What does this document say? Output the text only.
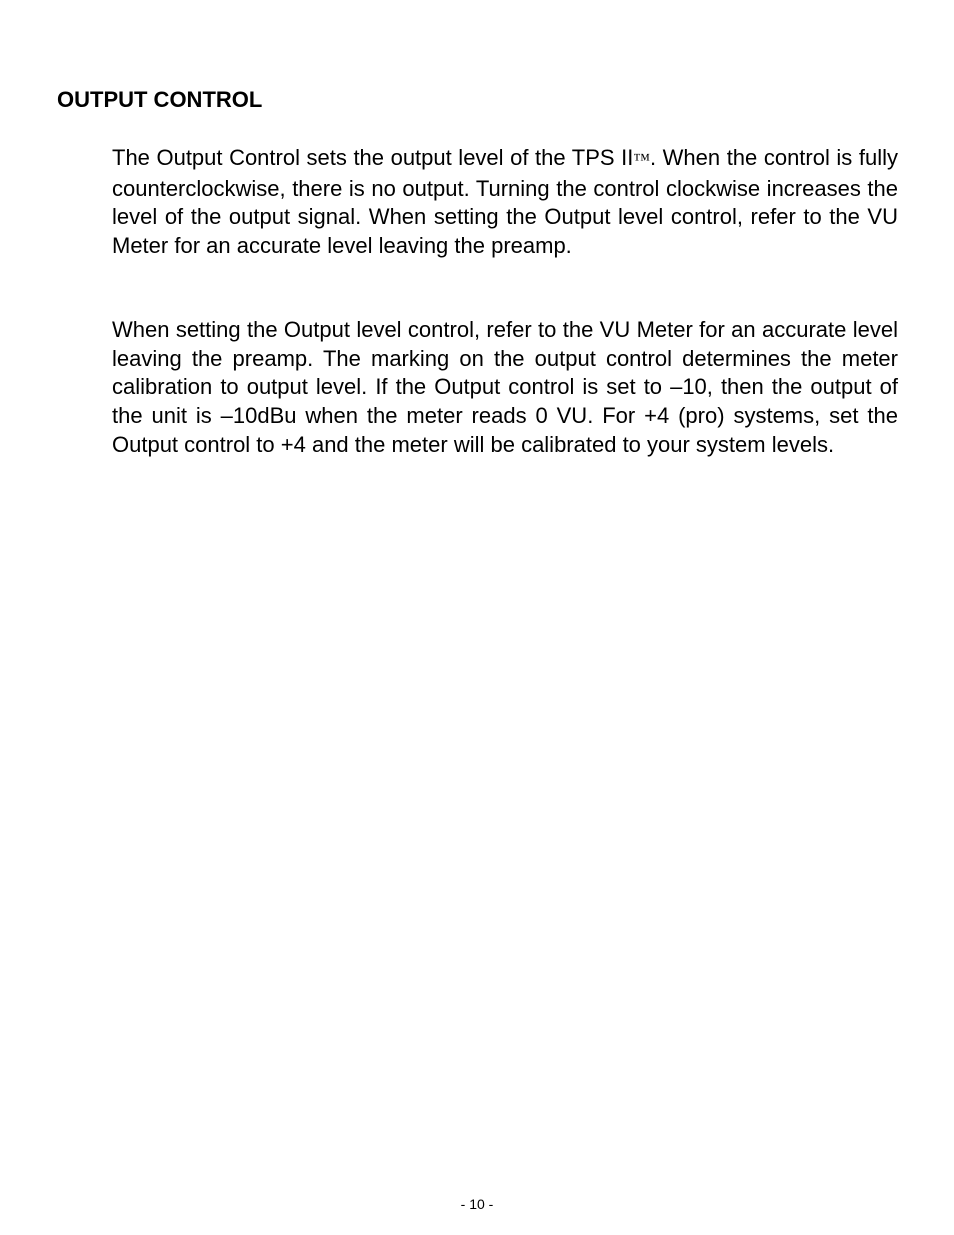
OUTPUT CONTROL

The Output Control sets the output level of the TPS II™. When the control is fully counterclockwise, there is no output. Turning the control clockwise increases the level of the output signal. When setting the Output level control, refer to the VU Meter for an accurate level leaving the preamp.

When setting the Output level control, refer to the VU Meter for an accurate level leaving the preamp. The marking on the output control determines the meter calibration to output level. If the Output control is set to –10, then the output of the unit is –10dBu when the meter reads 0 VU. For +4 (pro) systems, set the Output control to +4 and the meter will be calibrated to your system levels.

- 10 -
